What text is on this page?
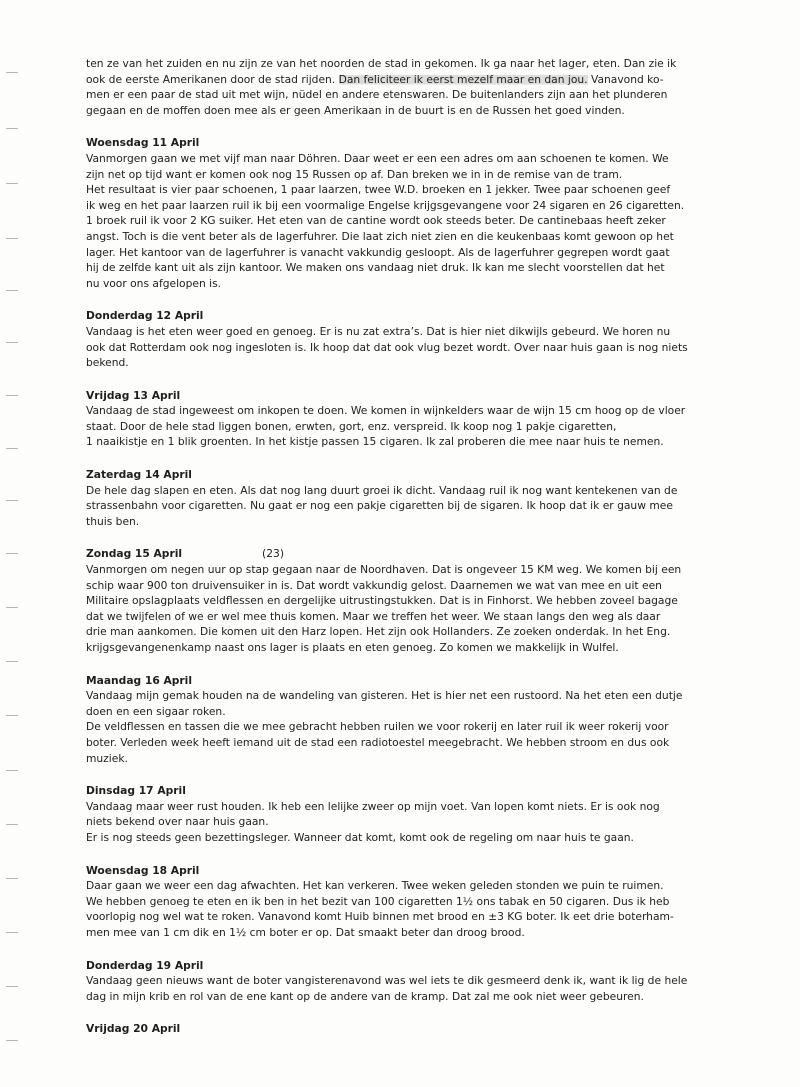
ten ze van het zuiden en nu zijn ze van het noorden de stad in gekomen. Ik ga naar het lager, eten. Dan zie ik
ook de eerste Amerikanen door de stad rijden. Dan feliciteer ik eerst mezelf maar en dan jou. Vanavond ko-
men er een paar de stad uit met wijn, nüdel en andere etenswaren. De buitenlanders zijn aan het plunderen
gegaan en de moffen doen mee als er geen Amerikaan in de buurt is en de Russen het goed vinden.

Woensdag 11 April

Vanmorgen gaan we met vijf man naar Döhren. Daar weet er een een adres om aan schoenen te komen. We
zijn net op tijd want er komen ook nog 15 Russen op af. Dan breken we in in de remise van de tram.
Het resultaat is vier paar schoenen, 1 paar laarzen, twee W.D. broeken en 1 jekker. Twee paar schoenen geef
ik weg en het paar laarzen ruil ik bij een voormalige Engelse krijgsgevangene voor 24 sigaren en 26 cigaretten.
1 broek ruil ik voor 2 KG suiker. Het eten van de cantine wordt ook steeds beter. De cantinebaas heeft zeker
angst. Toch is die vent beter als de lagerfuhrer. Die laat zich niet zien en die keukenbaas komt gewoon op het
lager. Het kantoor van de lagerfuhrer is vanacht vakkundig gesloopt. Als de lagerfuhrer gegrepen wordt gaat
hij de zelfde kant uit als zijn kantoor. We maken ons vandaag niet druk. Ik kan me slecht voorstellen dat het
nu voor ons afgelopen is.

Donderdag 12 April

Vandaag is het eten weer goed en genoeg. Er is nu zat extra’s. Dat is hier niet dikwijls gebeurd. We horen nu
ook dat Rotterdam ook nog ingesloten is. Ik hoop dat dat ook vlug bezet wordt. Over naar huis gaan is nog niets
bekend.

Vrijdag 13 April

Vandaag de stad ingeweest om inkopen te doen. We komen in wijnkelders waar de wijn 15 cm hoog op de vloer
staat. Door de hele stad liggen bonen, erwten, gort, enz. verspreid. Ik koop nog 1 pakje cigaretten,
1 naaikistje en 1 blik groenten. In het kistje passen 15 cigaren. Ik zal proberen die mee naar huis te nemen.

Zaterdag 14 April

De hele dag slapen en eten. Als dat nog lang duurt groei ik dicht. Vandaag ruil ik nog want kentekenen van de
strassenbahn voor cigaretten. Nu gaat er nog een pakje cigaretten bij de sigaren. Ik hoop dat ik er gauw mee
thuis ben.

Zondag 15 April	(23)

Vanmorgen om negen uur op stap gegaan naar de Noordhaven. Dat is ongeveer 15 KM weg. We komen bij een
schip waar 900 ton druivensuiker in is. Dat wordt vakkundig gelost. Daarnemen we wat van mee en uit een
Militaire opslagplaats veldflessen en dergelijke uitrustingstukken. Dat is in Finhorst. We hebben zoveel bagage
dat we twijfelen of we er wel mee thuis komen. Maar we treffen het weer. We staan langs den weg als daar
drie man aankomen. Die komen uit den Harz lopen. Het zijn ook Hollanders. Ze zoeken onderdak. In het Eng.
krijgsgevangenenkamp naast ons lager is plaats en eten genoeg. Zo komen we makkelijk in Wulfel.

Maandag 16 April

Vandaag mijn gemak houden na de wandeling van gisteren. Het is hier net een rustoord. Na het eten een dutje
doen en een sigaar roken.
De veldflessen en tassen die we mee gebracht hebben ruilen we voor rokerij en later ruil ik weer rokerij voor
boter. Verleden week heeft iemand uit de stad een radiotoestel meegebracht. We hebben stroom en dus ook
muziek.

Dinsdag 17 April

Vandaag maar weer rust houden. Ik heb een lelijke zweer op mijn voet. Van lopen komt niets. Er is ook nog
niets bekend over naar huis gaan.
Er is nog steeds geen bezettingsleger. Wanneer dat komt, komt ook de regeling om naar huis te gaan.

Woensdag 18 April

Daar gaan we weer een dag afwachten. Het kan verkeren. Twee weken geleden stonden we puin te ruimen.
We hebben genoeg te eten en ik ben in het bezit van 100 cigaretten 1½ ons tabak en 50 cigaren. Dus ik heb
voorlopig nog wel wat te roken. Vanavond komt Huib binnen met brood en ±3 KG boter. Ik eet drie boterham-
men mee van 1 cm dik en 1½ cm boter er op. Dat smaakt beter dan droog brood.

Donderdag 19 April

Vandaag geen nieuws want de boter vangisterenavond was wel iets te dik gesmeerd denk ik, want ik lig de hele
dag in mijn krib en rol van de ene kant op de andere van de kramp. Dat zal me ook niet weer gebeuren.

Vrijdag 20 April
